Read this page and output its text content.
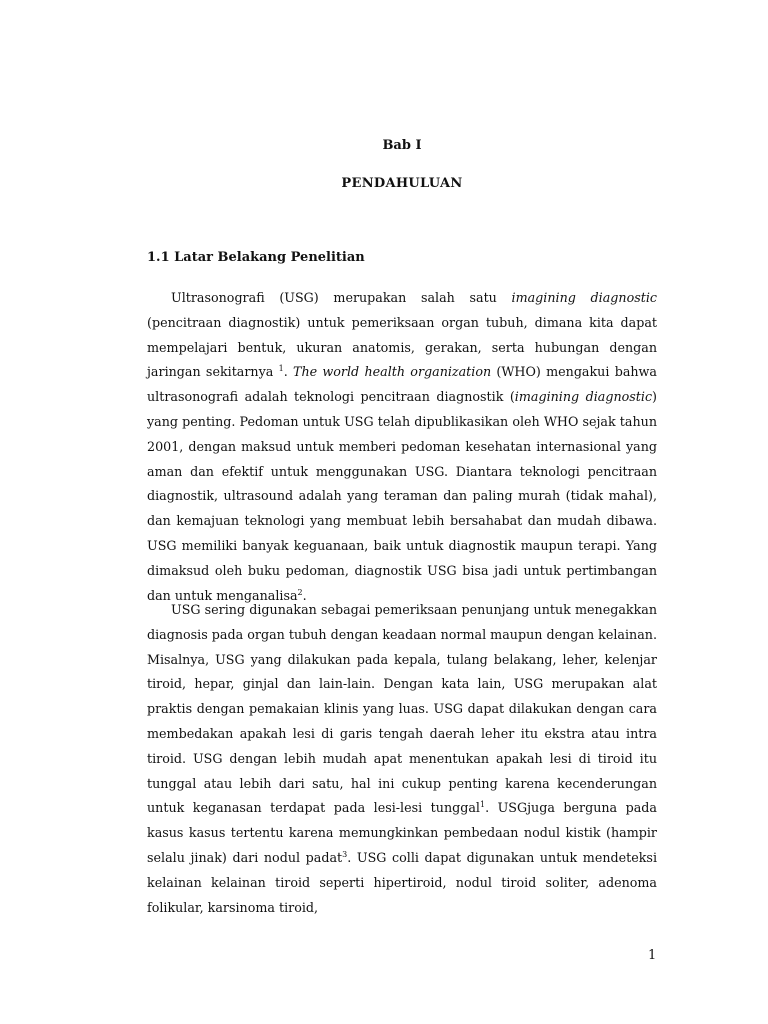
Bab I
PENDAHULUAN
1.1 Latar Belakang Penelitian

Ultrasonografi (USG) merupakan salah satu imagining diagnostic (pencitraan diagnostik) untuk pemeriksaan organ tubuh, dimana kita dapat mempelajari bentuk, ukuran anatomis, gerakan, serta hubungan dengan jaringan sekitarnya $^1$. The world health organization (WHO) mengakui bahwa ultrasonografi adalah teknologi pencitraan diagnostik (imagining diagnostic) yang penting. Pedoman untuk USG telah dipublikasikan oleh WHO sejak tahun 2001, dengan maksud untuk memberi pedoman kesehatan internasional yang aman dan efektif untuk menggunakan USG. Diantara teknologi pencitraan diagnostik, ultrasound adalah yang teraman dan paling murah (tidak mahal), dan kemajuan teknologi yang membuat lebih bersahabat dan mudah dibawa. USG memiliki banyak keguanaan, baik untuk diagnostik maupun terapi. Yang dimaksud oleh buku pedoman, diagnostik USG bisa jadi untuk pertimbangan dan untuk menganalisa$^2$.

USG sering digunakan sebagai pemeriksaan penunjang untuk menegakkan diagnosis pada organ tubuh dengan keadaan normal maupun dengan kelainan. Misalnya, USG yang dilakukan pada kepala, tulang belakang, leher, kelenjar tiroid, hepar, ginjal dan lain-lain. Dengan kata lain, USG merupakan alat praktis dengan pemakaian klinis yang luas. USG dapat dilakukan dengan cara membedakan apakah lesi di garis tengah daerah leher itu ekstra atau intra tiroid. USG dengan lebih mudah apat menentukan apakah lesi di tiroid itu tunggal atau lebih dari satu, hal ini cukup penting karena kecenderungan untuk keganasan terdapat pada lesi-lesi tunggal$^1$. USGjuga berguna pada kasus kasus tertentu karena memungkinkan pembedaan nodul kistik (hampir selalu jinak) dari nodul padat$^3$. USG colli dapat digunakan untuk mendeteksi kelainan kelainan tiroid seperti hipertiroid, nodul tiroid soliter, adenoma folikular, karsinoma tiroid,

1
